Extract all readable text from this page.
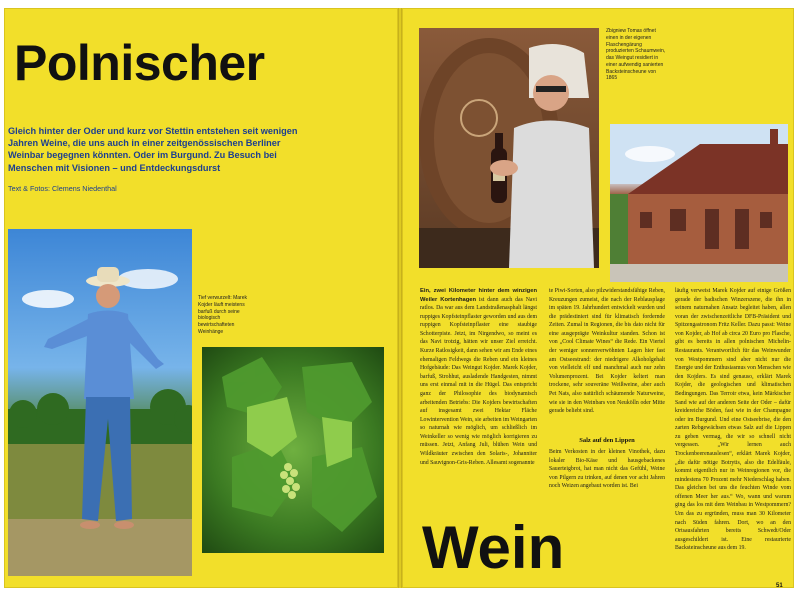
Polnischer
Gleich hinter der Oder und kurz vor Stettin entstehen seit wenigen Jahren Weine, die uns auch in einer zeitgenössischen Berliner Weinbar begegnen könnten. Oder im Burgund. Zu Besuch bei Menschen mit Visionen – und Entdeckungsdurst
Text & Fotos: Clemens Niedenthal
Tief verwurzelt: Marek Kojder läuft meistens barfuß durch seine biologisch bewirtschafteten Weinhänge
Zbigniew Tomas öffnet einen in der eigenen Flaschengärung produzierten Schaumwein, das Weingut residiert in einer aufwendig sanierten Backsteinscheune von 1865
Ein, zwei Kilometer hinter dem winzigen Weiler Kortenhagen ist dann auch das Navi ratlos. Da war aus dem Landstraßenasphalt längst ruppiges Kopfsteinpflaster geworden und aus dem ruppigen Kopfsteinpflaster eine staubige Schotterpiste. Jetzt, im Nirgendwo, so meint es das Navi trotzig, hätten wir unser Ziel erreicht. Kurze Ratlosigkeit, dann sehen wir am Ende eines ehemaligen Feldwegs die Reben und ein kleines Hofgebäude: Das Weingut Kojder. Marek Kojder, barfuß, Strohhut, ausladende Handgesten, nimmt uns erst einmal mit in die Hügel. Das entspricht ganz der Philosophie des biodynamisch arbeitenden Betriebs: Die Kojders bewirtschaften auf insgesamt zwei Hektar Fläche Lowintervention Wein, sie arbeiten im Weingarten so naturnah wie möglich, um schließlich im Weinkeller so wenig wie möglich korrigieren zu müssen. Jetzt, Anfang Juli, blühen Wein und Wildkräuter zwischen den Solaris-, Johanniter und Sauvignon-Gris-Reben. Allesamt sogenannte
te Piwi-Sorten, also pilzwiderstandsfähige Reben, Kreuzungen zumeist, die nach der Reblausplage im späten 19. Jahrhundert entwickelt wurden und die prädestiniert sind für klimatisch fordernde Zeiten. Zumal in Regionen, die bis dato nicht für eine ausgeprägte Weinkultur standen. Schon ist von „Cool Climate Wines“ die Rede. Ein Viertel der weniger sonnenverwöhnten Lagen hier fast am Ostseestrand: der niedrigere Alkoholgehalt von vielleicht elf und manchmal auch nur zehn Volumenprozent. Bei Kojder keltert man trockene, sehr souveräne Weißweine, aber auch Pet Nats, also natürlich schäumende Naturweine, wie sie in den Weinbars von Neukölln oder Mitte gerade beliebt sind.
Salz auf den Lippen
Beim Verkosten in der kleinen Vinothek, dazu lokaler Bio-Käse und hausgebackenes Sauerteigbrot, hat man nicht das Gefühl, Weine von Pilgern zu trinken, auf denen vor acht Jahren noch Weizen angebaut worden ist. Bei
läufig verweist Marek Kojder auf einige Größen gerade der badischen Winzerszene, die ihn in seinem naturnahen Ansatz begleitet haben, allen voran der zwischenzeitliche DFB-Präsident und Spitzengastronom Fritz Keller. Dazu passt: Weine von Kojder, ab Hof ab circa 20 Euro pro Flasche, gibt es bereits in allen polnischen Michelin-Restaurants. Verantwortlich für das Weinwunder von Westpommern sind aber nicht nur die Energie und der Enthusiasmus von Menschen wie den Kojders. Es sind genauso, erklärt Marek Kojder, die geologischen und klimatischen Bedingungen. Das Terroir etwa, kein Märkischer Sand wie auf der anderen Seite der Oder – dafür kreidereiche Böden, fast wie in der Champagne oder im Burgund. Und eine Ostseebrise, die den zarten Rebgewächsen etwas Salz auf die Lippen zu geben vermag, die wir so schnell nicht vergessen. „Wir lernen auch Trockenbeerenauslesen“, erklärt Marek Kojder, „die dafür nötige Botrytis, also die Edelfäule, kommt eigentlich nur in Weinregionen vor, die mindestens 70 Prozent mehr Niederschlag haben. Das gleichen bei uns die feuchten Winde vom offenen Meer her aus.“ Wo, wann und warum ging das los mit dem Weinbau in Westpommern? Um das zu ergründen, muss man 30 Kilometer nach Süden fahren. Dort, wo an den Ortsausfahrten bereits Schwedt/Oder ausgeschildert ist. Eine restaurierte Backsteinscheune aus dem 19.
Wein
51
